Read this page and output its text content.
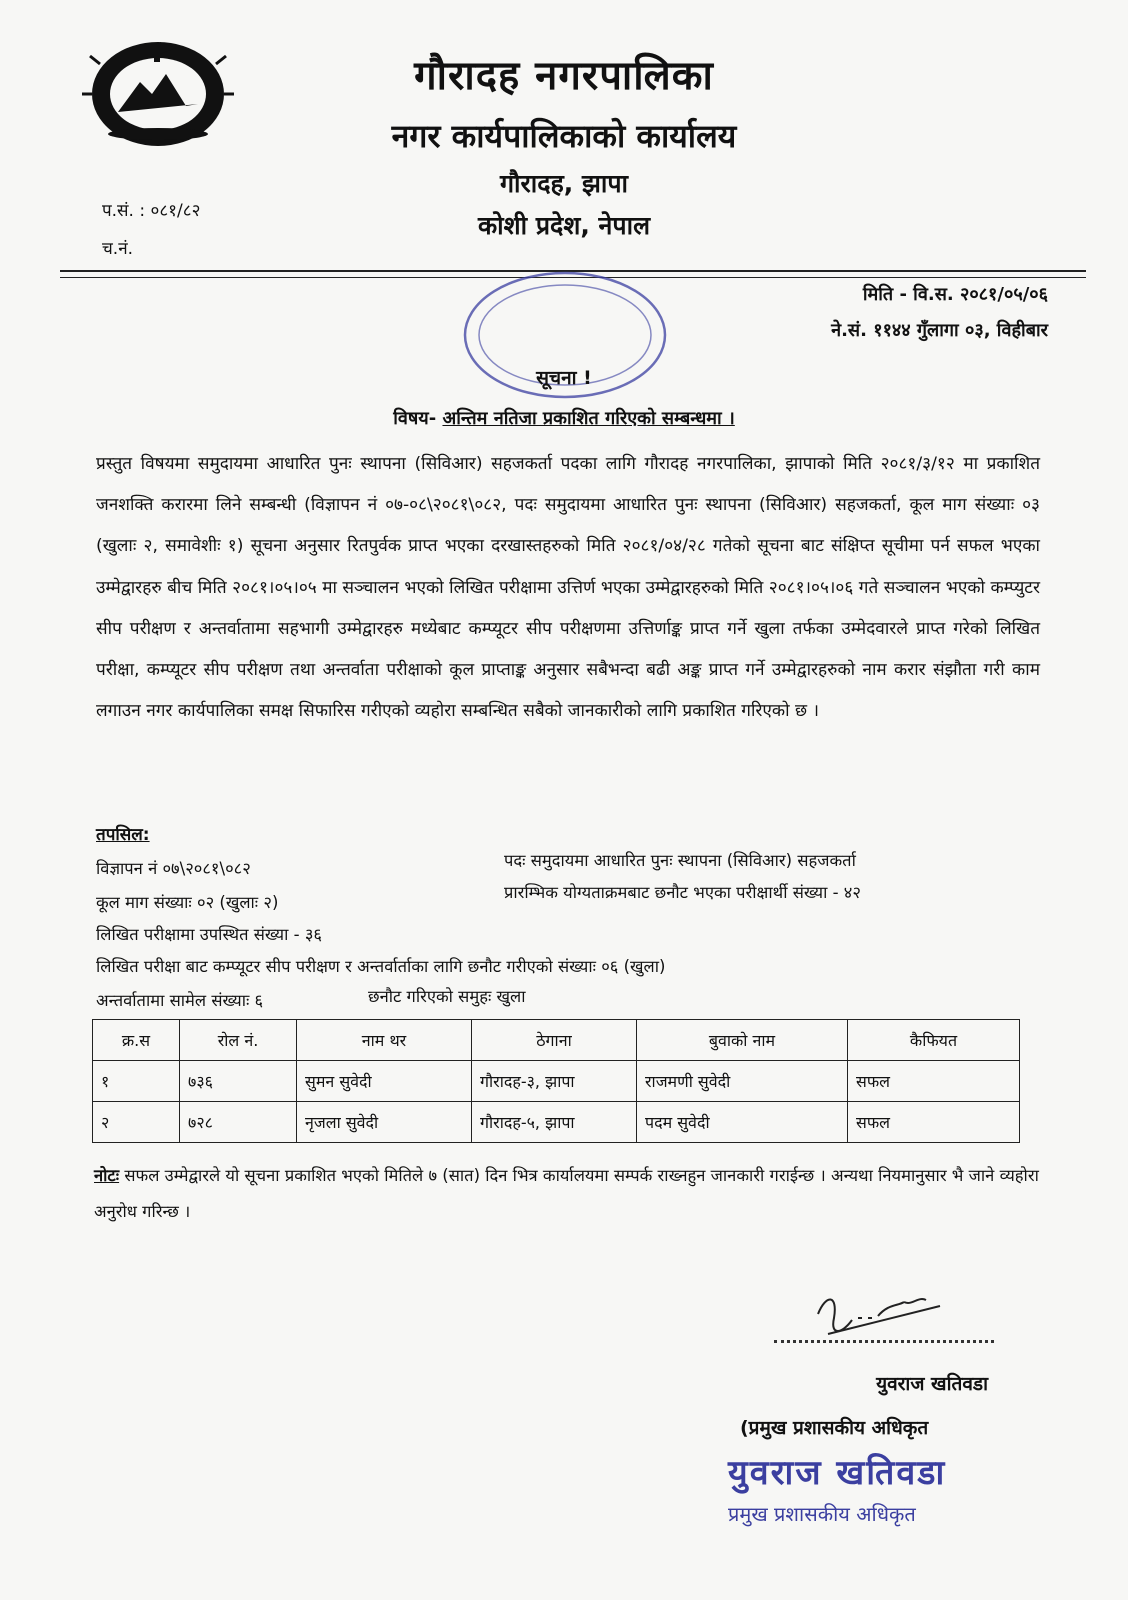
गौरादह नगरपालिका
नगर कार्यपालिकाको कार्यालय
गौरादह, झापा
कोशी प्रदेश, नेपाल
प.सं. : ०८१/८२
च.नं.
मिति - वि.स. २०८१/०५/०६
ने.सं. ११४४ गुँलागा ०३, विहीबार
सूचना !
विषय- अन्तिम नतिजा प्रकाशित गरिएको सम्बन्धमा ।
प्रस्तुत विषयमा समुदायमा आधारित पुनः स्थापना (सिविआर) सहजकर्ता पदका लागि गौरादह नगरपालिका, झापाको मिति २०८१/३/१२ मा प्रकाशित जनशक्ति करारमा लिने सम्बन्धी (विज्ञापन नं ०७-०८\२०८१\०८२, पदः समुदायमा आधारित पुनः स्थापना (सिविआर) सहजकर्ता, कूल माग संख्याः ०३ (खुलाः २, समावेशीः १) सूचना अनुसार रितपुर्वक प्राप्त भएका दरखास्तहरुको मिति २०८१/०४/२८ गतेको सूचना बाट संक्षिप्त सूचीमा पर्न सफल भएका उम्मेद्वारहरु बीच मिति २०८१।०५।०५ मा सञ्चालन भएको लिखित परीक्षामा उत्तिर्ण भएका उम्मेद्वारहरुको मिति २०८१।०५।०६ गते सञ्चालन भएको कम्प्युटर सीप परीक्षण र अन्तर्वातामा सहभागी उम्मेद्वारहरु मध्येबाट कम्प्यूटर सीप परीक्षणमा उत्तिर्णाङ्क प्राप्त गर्ने खुला तर्फका उम्मेदवारले प्राप्त गरेको लिखित परीक्षा, कम्प्यूटर सीप परीक्षण तथा अन्तर्वाता परीक्षाको कूल प्राप्ताङ्क अनुसार सबैभन्दा बढी अङ्क प्राप्त गर्ने उम्मेद्वारहरुको नाम करार संझौता गरी काम लगाउन नगर कार्यपालिका समक्ष सिफारिस गरीएको व्यहोरा सम्बन्धित सबैको जानकारीको लागि प्रकाशित गरिएको छ ।
तपसिल:
विज्ञापन नं ०७\२०८१\०८२	पदः समुदायमा आधारित पुनः स्थापना (सिविआर) सहजकर्ता
कूल माग संख्याः ०२ (खुलाः २)
प्रारम्भिक योग्यताक्रमबाट छनौट भएका परीक्षार्थी संख्या - ४२
लिखित परीक्षामा उपस्थित संख्या - ३६
लिखित परीक्षा बाट कम्प्यूटर सीप परीक्षण र अन्तर्वार्ताका लागि छनौट गरीएको संख्याः ०६ (खुला)
अन्तर्वातामा सामेल संख्याः ६	छनौट गरिएको समुहः खुला
क्र.स	रोल नं.	नाम थर	ठेगाना	बुवाको नाम	कैफियत
१	७३६	सुमन सुवेदी	गौरादह-३, झापा	राजमणी सुवेदी	सफल
२	७२८	नृजला सुवेदी	गौरादह-५, झापा	पदम सुवेदी	सफल
नोटः सफल उम्मेद्वारले यो सूचना प्रकाशित भएको मितिले ७ (सात) दिन भित्र कार्यालयमा सम्पर्क राख्नहुन जानकारी गराईन्छ । अन्यथा नियमानुसार भै जाने व्यहोरा अनुरोध गरिन्छ ।
युवराज खतिवडा
(प्रमुख प्रशासकीय अधिकृत
युवराज खतिवडा
प्रमुख प्रशासकीय अधिकृत
